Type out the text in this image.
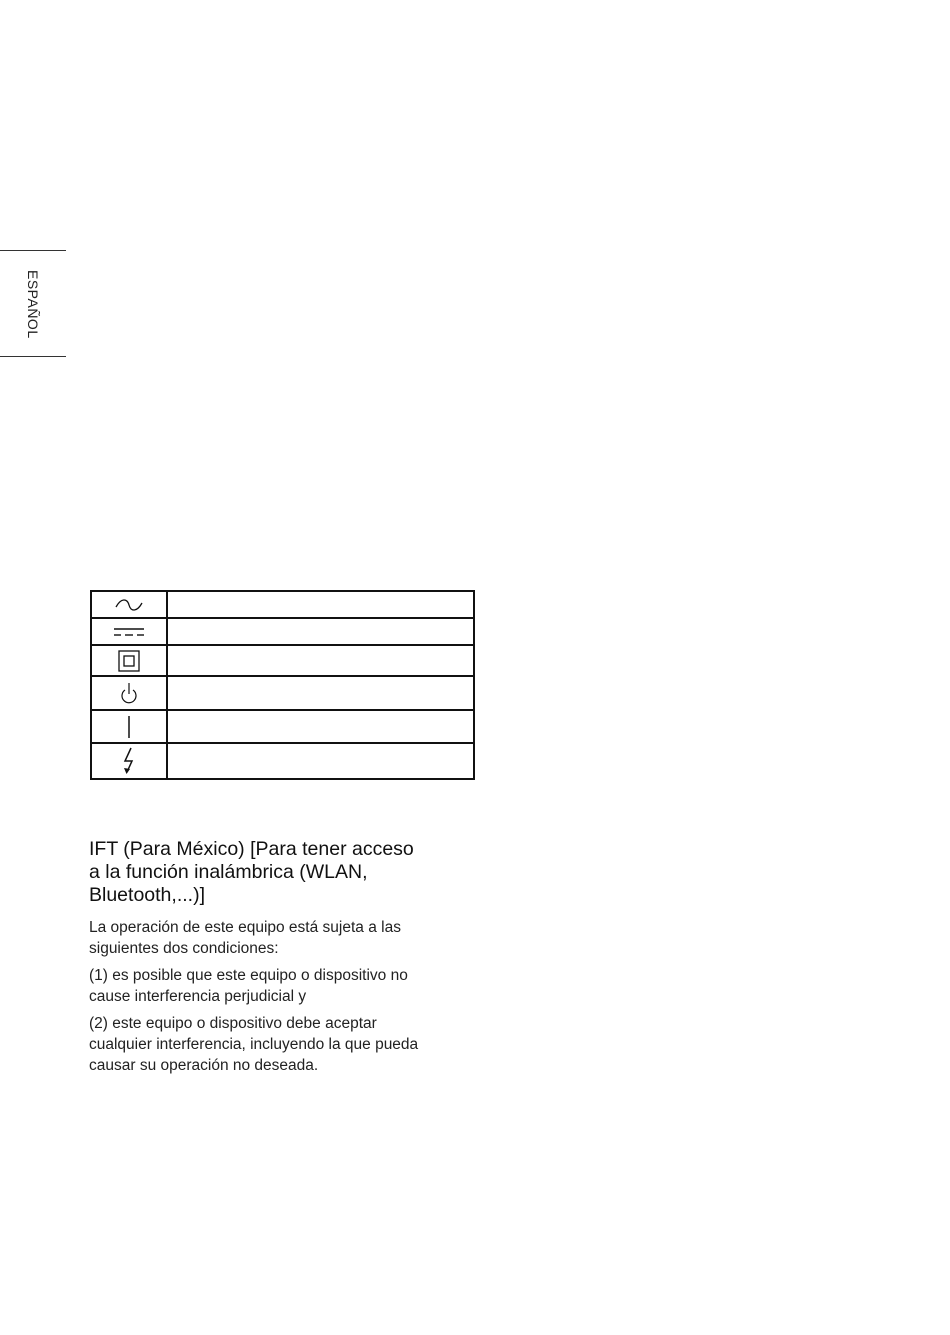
ESPAÑOL

IFT (Para México) [Para tener acceso
a la función inalámbrica (WLAN,
Bluetooth,...)]

La operación de este equipo está sujeta a las
siguientes dos condiciones:

(1) es posible que este equipo o dispositivo no
cause interferencia perjudicial y

(2) este equipo o dispositivo debe aceptar
cualquier interferencia, incluyendo la que pueda
causar su operación no deseada.
